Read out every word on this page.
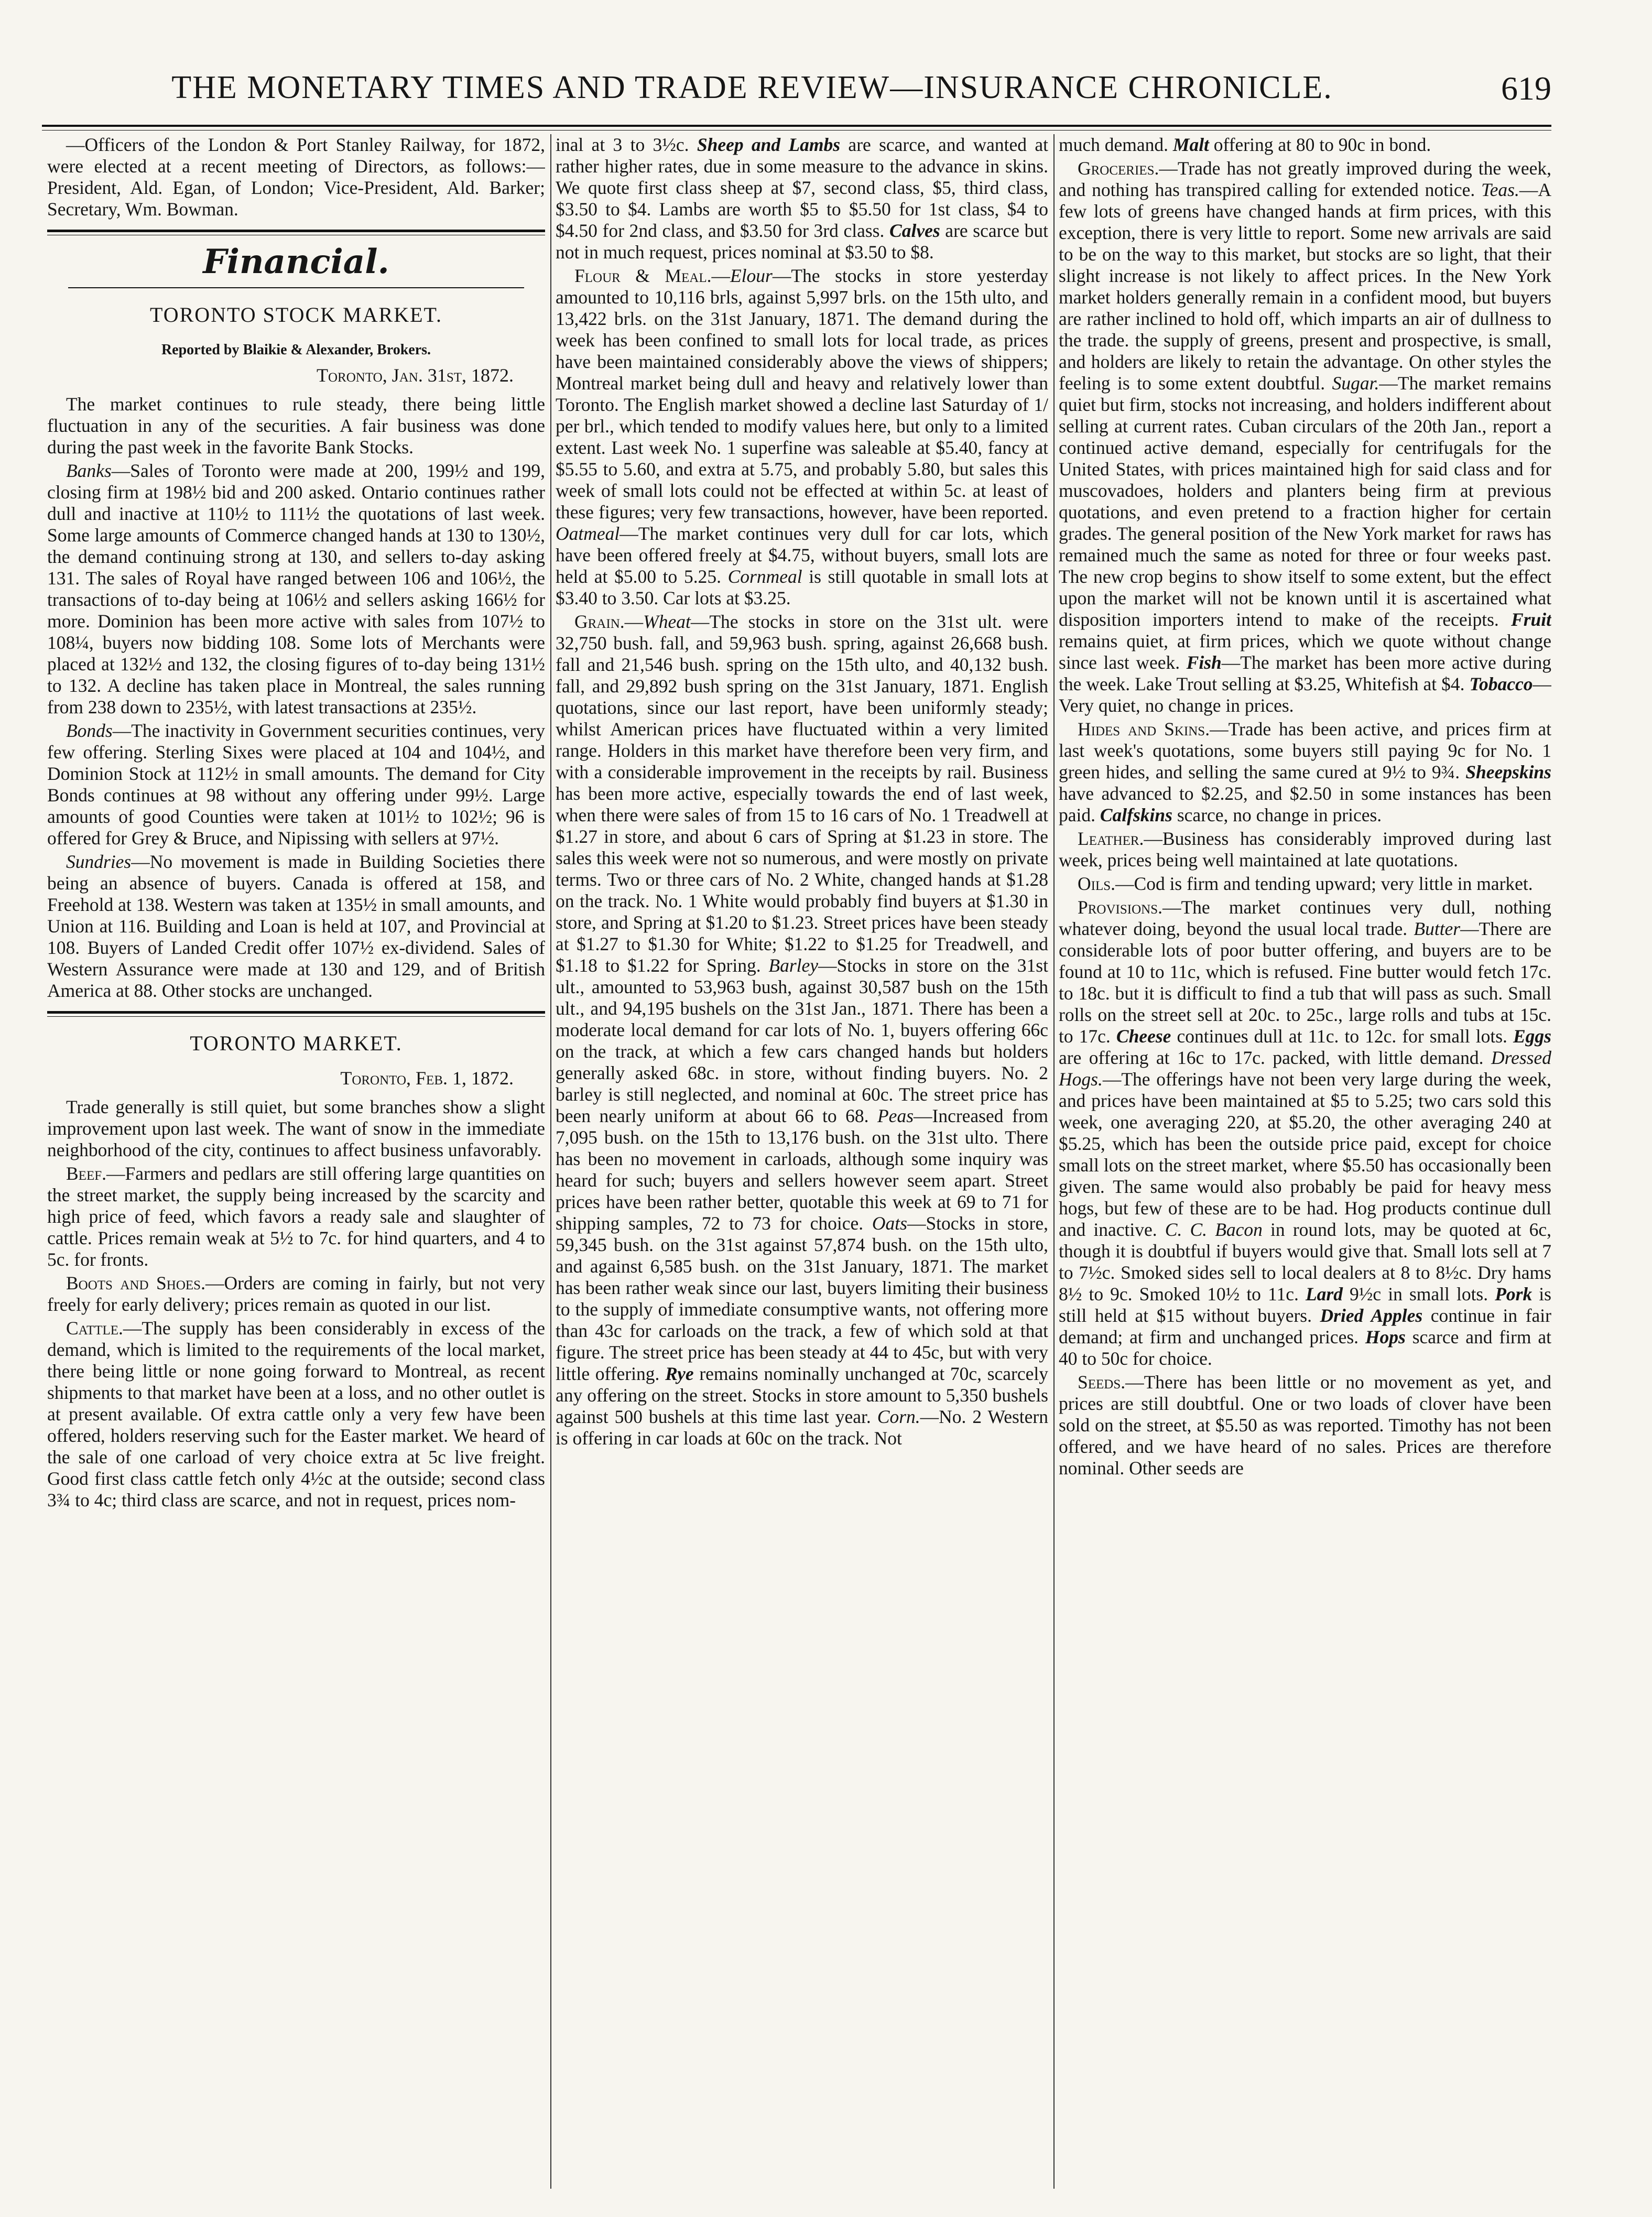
THE MONETARY TIMES AND TRADE REVIEW—INSURANCE CHRONICLE.	619

—Officers of the London & Port Stanley Railway, for 1872, were elected at a recent meeting of Directors, as follows:—President, Ald. Egan, of London; Vice-President, Ald. Barker; Secretary, Wm. Bowman.

Financial.
TORONTO STOCK MARKET.
Reported by Blaikie & Alexander, Brokers.
Toronto, Jan. 31st, 1872.

The market continues to rule steady, there being little fluctuation in any of the securities. A fair business was done during the past week in the favorite Bank Stocks.

Banks—Sales of Toronto were made at 200, 199½ and 199, closing firm at 198½ bid and 200 asked. Ontario continues rather dull and inactive at 110½ to 111½ the quotations of last week. Some large amounts of Commerce changed hands at 130 to 130½, the demand continuing strong at 130, and sellers to-day asking 131. The sales of Royal have ranged between 106 and 106½, the transactions of to-day being at 106½ and sellers asking 166½ for more. Dominion has been more active with sales from 107½ to 108¼, buyers now bidding 108. Some lots of Merchants were placed at 132½ and 132, the closing figures of to-day being 131½ to 132. A decline has taken place in Montreal, the sales running from 238 down to 235½, with latest transactions at 235½.

Bonds—The inactivity in Government securities continues, very few offering. Sterling Sixes were placed at 104 and 104½, and Dominion Stock at 112½ in small amounts. The demand for City Bonds continues at 98 without any offering under 99½. Large amounts of good Counties were taken at 101½ to 102½; 96 is offered for Grey & Bruce, and Nipissing with sellers at 97½.

Sundries—No movement is made in Building Societies there being an absence of buyers. Canada is offered at 158, and Freehold at 138. Western was taken at 135½ in small amounts, and Union at 116. Building and Loan is held at 107, and Provincial at 108. Buyers of Landed Credit offer 107½ ex-dividend. Sales of Western Assurance were made at 130 and 129, and of British America at 88. Other stocks are unchanged.

TORONTO MARKET.
Toronto, Feb. 1, 1872.

Trade generally is still quiet, but some branches show a slight improvement upon last week. The want of snow in the immediate neighborhood of the city, continues to affect business unfavorably.

Beef.—Farmers and pedlars are still offering large quantities on the street market, the supply being increased by the scarcity and high price of feed, which favors a ready sale and slaughter of cattle. Prices remain weak at 5½ to 7c. for hind quarters, and 4 to 5c. for fronts.

Boots and Shoes.—Orders are coming in fairly, but not very freely for early delivery; prices remain as quoted in our list.

Cattle.—The supply has been considerably in excess of the demand, which is limited to the requirements of the local market, there being little or none going forward to Montreal, as recent shipments to that market have been at a loss, and no other outlet is at present available. Of extra cattle only a very few have been offered, holders reserving such for the Easter market. We heard of the sale of one carload of very choice extra at 5c live freight. Good first class cattle fetch only 4½c at the outside; second class 3¾ to 4c; third class are scarce, and not in request, prices nom-

inal at 3 to 3½c. Sheep and Lambs are scarce, and wanted at rather higher rates, due in some measure to the advance in skins. We quote first class sheep at $7, second class, $5, third class, $3.50 to $4. Lambs are worth $5 to $5.50 for 1st class, $4 to $4.50 for 2nd class, and $3.50 for 3rd class. Calves are scarce but not in much request, prices nominal at $3.50 to $8.

Flour & Meal.—Elour—The stocks in store yesterday amounted to 10,116 brls, against 5,997 brls. on the 15th ulto, and 13,422 brls. on the 31st January, 1871. The demand during the week has been confined to small lots for local trade, as prices have been maintained considerably above the views of shippers; Montreal market being dull and heavy and relatively lower than Toronto. The English market showed a decline last Saturday of 1/ per brl., which tended to modify values here, but only to a limited extent. Last week No. 1 superfine was saleable at $5.40, fancy at $5.55 to 5.60, and extra at 5.75, and probably 5.80, but sales this week of small lots could not be effected at within 5c. at least of these figures; very few transactions, however, have been reported. Oatmeal—The market continues very dull for car lots, which have been offered freely at $4.75, without buyers, small lots are held at $5.00 to 5.25. Cornmeal is still quotable in small lots at $3.40 to 3.50. Car lots at $3.25.

Grain.—Wheat—The stocks in store on the 31st ult. were 32,750 bush. fall, and 59,963 bush. spring, against 26,668 bush. fall and 21,546 bush. spring on the 15th ulto, and 40,132 bush. fall, and 29,892 bush spring on the 31st January, 1871. English quotations, since our last report, have been uniformly steady; whilst American prices have fluctuated within a very limited range. Holders in this market have therefore been very firm, and with a considerable improvement in the receipts by rail. Business has been more active, especially towards the end of last week, when there were sales of from 15 to 16 cars of No. 1 Treadwell at $1.27 in store, and about 6 cars of Spring at $1.23 in store. The sales this week were not so numerous, and were mostly on private terms. Two or three cars of No. 2 White, changed hands at $1.28 on the track. No. 1 White would probably find buyers at $1.30 in store, and Spring at $1.20 to $1.23. Street prices have been steady at $1.27 to $1.30 for White; $1.22 to $1.25 for Treadwell, and $1.18 to $1.22 for Spring. Barley—Stocks in store on the 31st ult., amounted to 53,963 bush, against 30,587 bush on the 15th ult., and 94,195 bushels on the 31st Jan., 1871. There has been a moderate local demand for car lots of No. 1, buyers offering 66c on the track, at which a few cars changed hands but holders generally asked 68c. in store, without finding buyers. No. 2 barley is still neglected, and nominal at 60c. The street price has been nearly uniform at about 66 to 68. Peas—Increased from 7,095 bush. on the 15th to 13,176 bush. on the 31st ulto. There has been no movement in carloads, although some inquiry was heard for such; buyers and sellers however seem apart. Street prices have been rather better, quotable this week at 69 to 71 for shipping samples, 72 to 73 for choice. Oats—Stocks in store, 59,345 bush. on the 31st against 57,874 bush. on the 15th ulto, and against 6,585 bush. on the 31st January, 1871. The market has been rather weak since our last, buyers limiting their business to the supply of immediate consumptive wants, not offering more than 43c for carloads on the track, a few of which sold at that figure. The street price has been steady at 44 to 45c, but with very little offering. Rye remains nominally unchanged at 70c, scarcely any offering on the street. Stocks in store amount to 5,350 bushels against 500 bushels at this time last year. Corn.—No. 2 Western is offering in car loads at 60c on the track. Not

much demand. Malt offering at 80 to 90c in bond.

Groceries.—Trade has not greatly improved during the week, and nothing has transpired calling for extended notice. Teas.—A few lots of greens have changed hands at firm prices, with this exception, there is very little to report. Some new arrivals are said to be on the way to this market, but stocks are so light, that their slight increase is not likely to affect prices. In the New York market holders generally remain in a confident mood, but buyers are rather inclined to hold off, which imparts an air of dullness to the trade. the supply of greens, present and prospective, is small, and holders are likely to retain the advantage. On other styles the feeling is to some extent doubtful. Sugar.—The market remains quiet but firm, stocks not increasing, and holders indifferent about selling at current rates. Cuban circulars of the 20th Jan., report a continued active demand, especially for centrifugals for the United States, with prices maintained high for said class and for muscovadoes, holders and planters being firm at previous quotations, and even pretend to a fraction higher for certain grades. The general position of the New York market for raws has remained much the same as noted for three or four weeks past. The new crop begins to show itself to some extent, but the effect upon the market will not be known until it is ascertained what disposition importers intend to make of the receipts. Fruit remains quiet, at firm prices, which we quote without change since last week. Fish—The market has been more active during the week. Lake Trout selling at $3.25, Whitefish at $4. Tobacco—Very quiet, no change in prices.

Hides and Skins.—Trade has been active, and prices firm at last week's quotations, some buyers still paying 9c for No. 1 green hides, and selling the same cured at 9½ to 9¾. Sheepskins have advanced to $2.25, and $2.50 in some instances has been paid. Calfskins scarce, no change in prices.

Leather.—Business has considerably improved during last week, prices being well maintained at late quotations.

Oils.—Cod is firm and tending upward; very little in market.

Provisions.—The market continues very dull, nothing whatever doing, beyond the usual local trade. Butter—There are considerable lots of poor butter offering, and buyers are to be found at 10 to 11c, which is refused. Fine butter would fetch 17c. to 18c. but it is difficult to find a tub that will pass as such. Small rolls on the street sell at 20c. to 25c., large rolls and tubs at 15c. to 17c. Cheese continues dull at 11c. to 12c. for small lots. Eggs are offering at 16c to 17c. packed, with little demand. Dressed Hogs.—The offerings have not been very large during the week, and prices have been maintained at $5 to 5.25; two cars sold this week, one averaging 220, at $5.20, the other averaging 240 at $5.25, which has been the outside price paid, except for choice small lots on the street market, where $5.50 has occasionally been given. The same would also probably be paid for heavy mess hogs, but few of these are to be had. Hog products continue dull and inactive. C. C. Bacon in round lots, may be quoted at 6c, though it is doubtful if buyers would give that. Small lots sell at 7 to 7½c. Smoked sides sell to local dealers at 8 to 8½c. Dry hams 8½ to 9c. Smoked 10½ to 11c. Lard 9½c in small lots. Pork is still held at $15 without buyers. Dried Apples continue in fair demand; at firm and unchanged prices. Hops scarce and firm at 40 to 50c for choice.

Seeds.—There has been little or no movement as yet, and prices are still doubtful. One or two loads of clover have been sold on the street, at $5.50 as was reported. Timothy has not been offered, and we have heard of no sales. Prices are therefore nominal. Other seeds are
